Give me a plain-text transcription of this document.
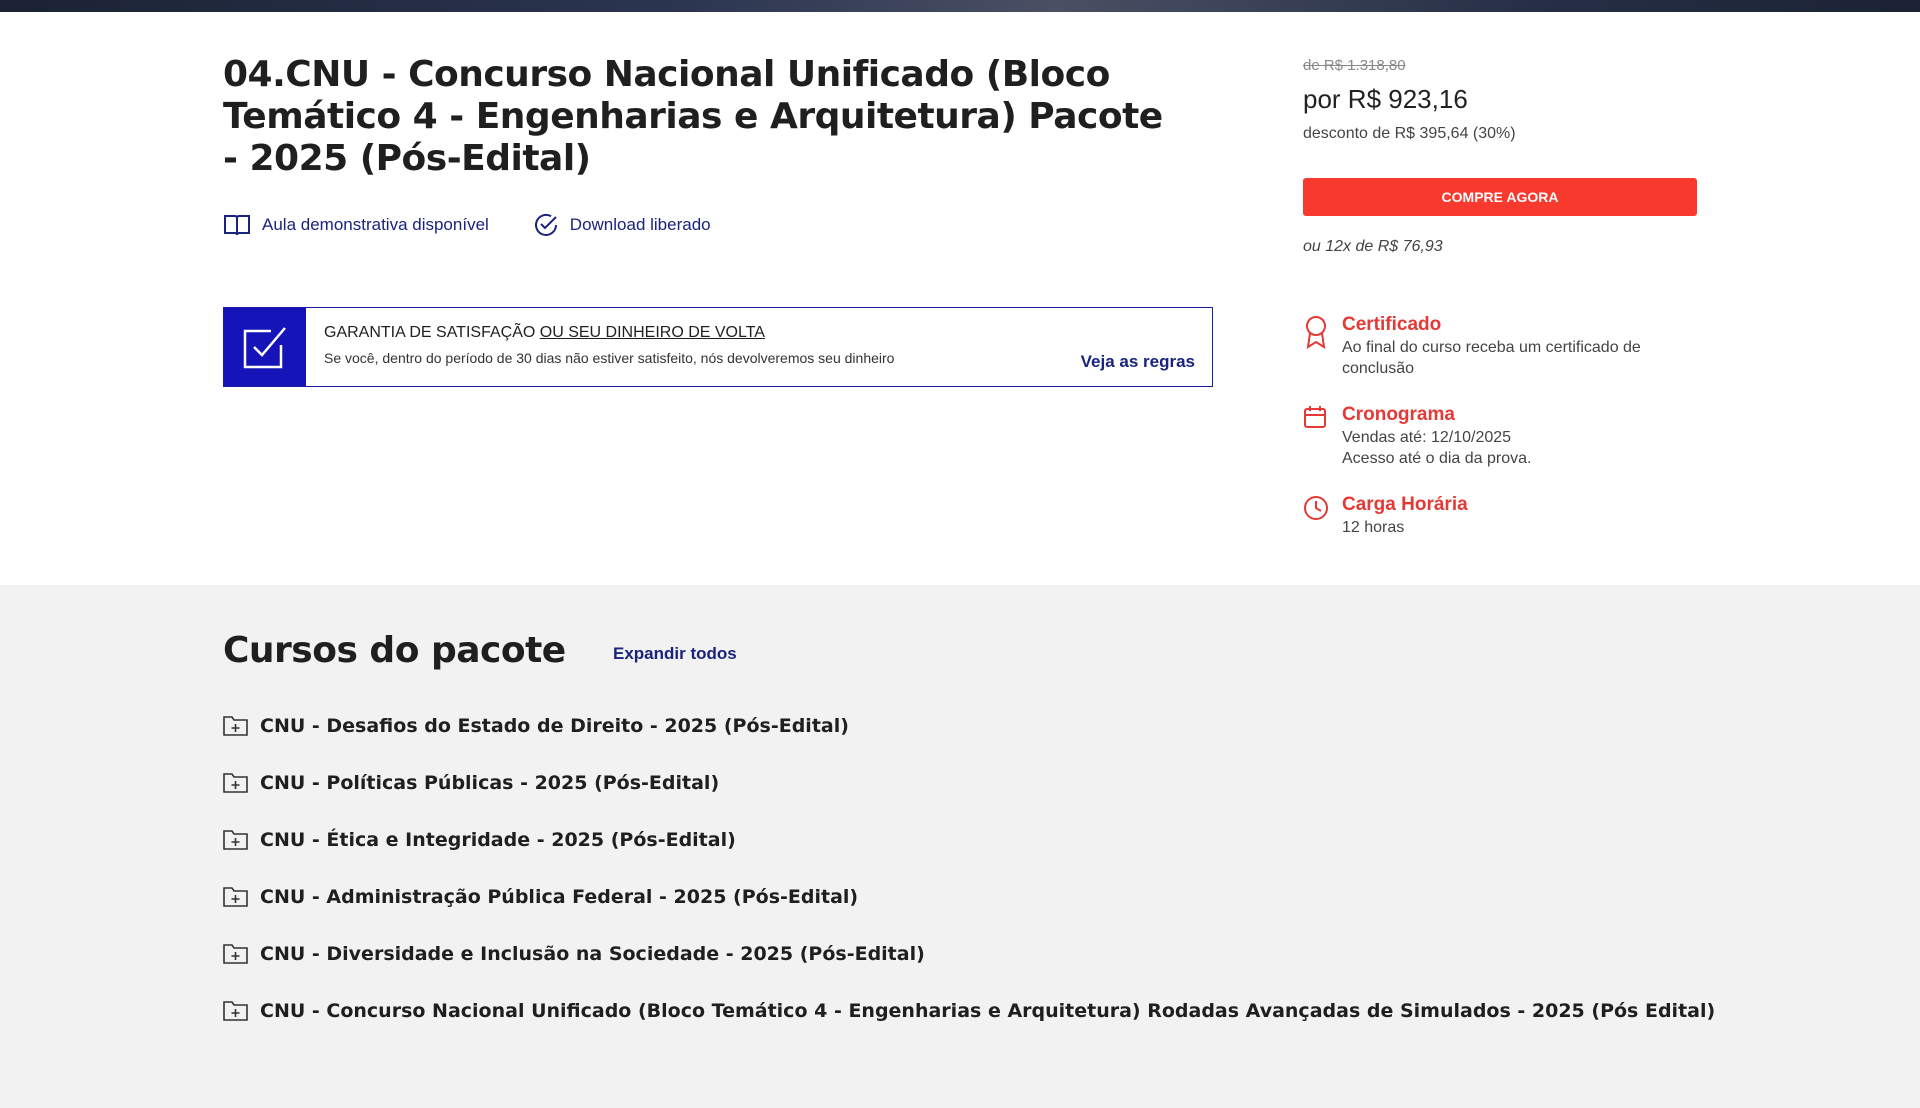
04.CNU - Concurso Nacional Unificado (Bloco Temático 4 - Engenharias e Arquitetura) Pacote - 2025 (Pós-Edital)
Aula demonstrativa disponível	Download liberado
GARANTIA DE SATISFAÇÃO OU SEU DINHEIRO DE VOLTA
Se você, dentro do período de 30 dias não estiver satisfeito, nós devolveremos seu dinheiro	Veja as regras
de R$ 1.318,80
por R$ 923,16
desconto de R$ 395,64 (30%)
COMPRE AGORA
ou 12x de R$ 76,93
Certificado
Ao final do curso receba um certificado de conclusão
Cronograma
Vendas até: 12/10/2025
Acesso até o dia da prova.
Carga Horária
12 horas
Cursos do pacote	Expandir todos
CNU - Desafios do Estado de Direito - 2025 (Pós-Edital)
CNU - Políticas Públicas - 2025 (Pós-Edital)
CNU - Ética e Integridade - 2025 (Pós-Edital)
CNU - Administração Pública Federal - 2025 (Pós-Edital)
CNU - Diversidade e Inclusão na Sociedade - 2025 (Pós-Edital)
CNU - Concurso Nacional Unificado (Bloco Temático 4 - Engenharias e Arquitetura) Rodadas Avançadas de Simulados - 2025 (Pós Edital)
